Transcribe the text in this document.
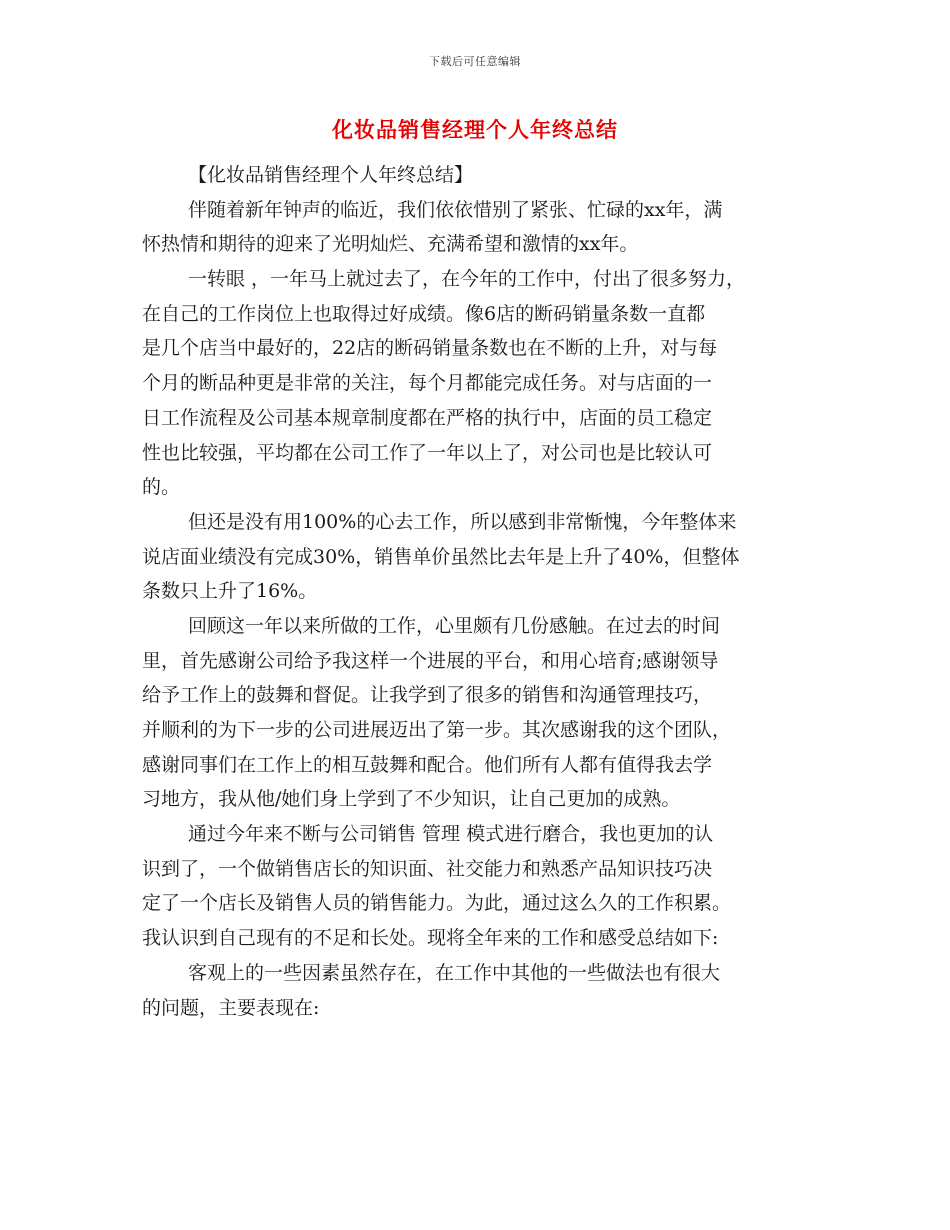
下载后可任意编辑
化妆品销售经理个人年终总结
【化妆品销售经理个人年终总结】
伴随着新年钟声的临近，我们依依惜别了紧张、忙碌的xx年，满
怀热情和期待的迎来了光明灿烂、充满希望和激情的xx年。
一转眼 ，一年马上就过去了，在今年的工作中，付出了很多努力，
在自己的工作岗位上也取得过好成绩。像6店的断码销量条数一直都
是几个店当中最好的，22店的断码销量条数也在不断的上升，对与每
个月的断品种更是非常的关注，每个月都能完成任务。对与店面的一
日工作流程及公司基本规章制度都在严格的执行中，店面的员工稳定
性也比较强，平均都在公司工作了一年以上了，对公司也是比较认可
的。
但还是没有用100%的心去工作，所以感到非常惭愧，今年整体来
说店面业绩没有完成30%，销售单价虽然比去年是上升了40%，但整体
条数只上升了16%。
回顾这一年以来所做的工作，心里颇有几份感触。在过去的时间
里，首先感谢公司给予我这样一个进展的平台，和用心培育;感谢领导
给予工作上的鼓舞和督促。让我学到了很多的销售和沟通管理技巧，
并顺利的为下一步的公司进展迈出了第一步。其次感谢我的这个团队，
感谢同事们在工作上的相互鼓舞和配合。他们所有人都有值得我去学
习地方，我从他/她们身上学到了不少知识，让自己更加的成熟。
通过今年来不断与公司销售 管理 模式进行磨合，我也更加的认
识到了，一个做销售店长的知识面、社交能力和熟悉产品知识技巧决
定了一个店长及销售人员的销售能力。为此，通过这么久的工作积累。
我认识到自己现有的不足和长处。现将全年来的工作和感受总结如下:
客观上的一些因素虽然存在，在工作中其他的一些做法也有很大
的问题，主要表现在:
